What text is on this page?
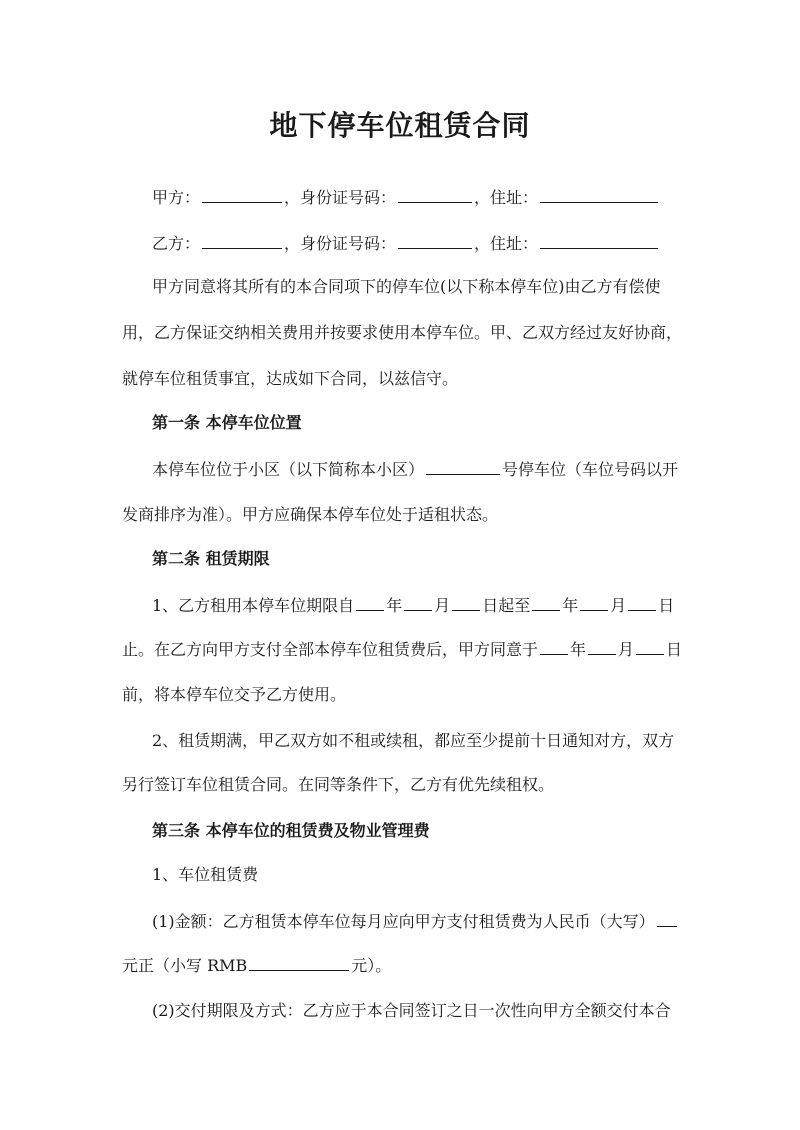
地下停车位租赁合同
甲方：	，身份证号码：	，住址：
乙方：	，身份证号码：	，住址：
甲方同意将其所有的本合同项下的停车位(以下称本停车位)由乙方有偿使
用，乙方保证交纳相关费用并按要求使用本停车位。甲、乙双方经过友好协商，
就停车位租赁事宜，达成如下合同，以兹信守。
第一条 本停车位位置
本停车位位于小区（以下简称本小区）	号停车位（车位号码以开
发商排序为准）。甲方应确保本停车位处于适租状态。
第二条 租赁期限
1、乙方租用本停车位期限自 年 月 日起至 年 月 日
止。在乙方向甲方支付全部本停车位租赁费后，甲方同意于 年 月 日
前，将本停车位交予乙方使用。
2、租赁期满，甲乙双方如不租或续租，都应至少提前十日通知对方，双方
另行签订车位租赁合同。在同等条件下，乙方有优先续租权。
第三条 本停车位的租赁费及物业管理费
1、车位租赁费
(1)金额：乙方租赁本停车位每月应向甲方支付租赁费为人民币（大写）
元正（小写 RMB	元）。
(2)交付期限及方式：乙方应于本合同签订之日一次性向甲方全额交付本合
